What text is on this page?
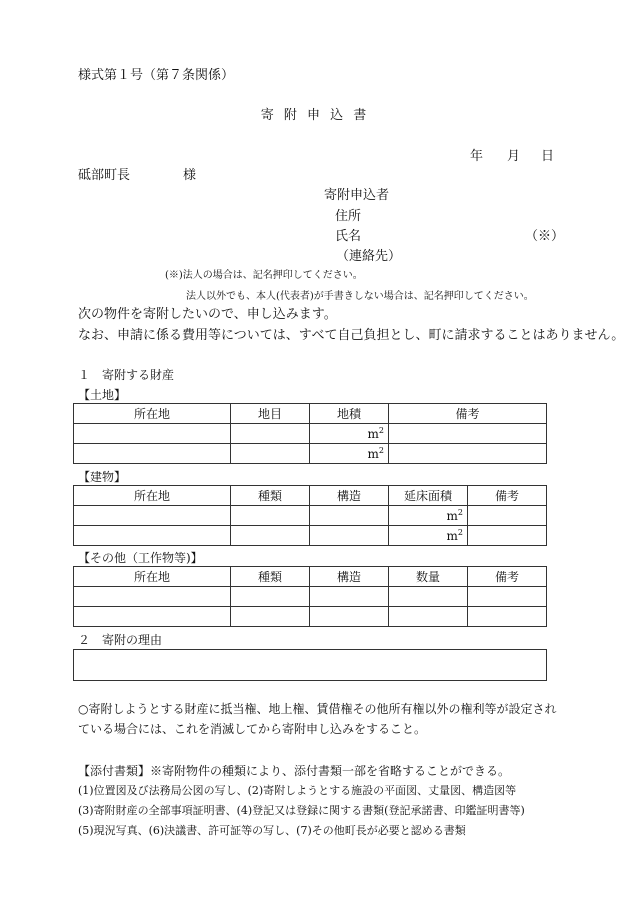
様式第１号（第７条関係）
寄 附 申 込 書
年 月 日
砥部町長	様
寄附申込者
住所
氏名	（※）
（連絡先）
(※)法人の場合は、記名押印してください。
法人以外でも、本人(代表者)が手書きしない場合は、記名押印してください。
次の物件を寄附したいので、申し込みます。
なお、申請に係る費用等については、すべて自己負担とし、町に請求することはありません。
１　寄附する財産
【土地】
所在地	地目	地積	備考
		$m^2$	
		$m^2$	
【建物】
所在地	種類	構造	延床面積	備考
			$m^2$	
			$m^2$	
【その他（工作物等)】
所在地	種類	構造	数量	備考

２　寄附の理由
○寄附しようとする財産に抵当権、地上権、賃借権その他所有権以外の権利等が設定され
ている場合には、これを消滅してから寄附申し込みをすること。
【添付書類】※寄附物件の種類により、添付書類一部を省略することができる。
(1)位置図及び法務局公図の写し、(2)寄附しようとする施設の平面図、丈量図、構造図等
(3)寄附財産の全部事項証明書、(4)登記又は登録に関する書類(登記承諾書、印鑑証明書等)
(5)現況写真、(6)決議書、許可証等の写し、(7)その他町長が必要と認める書類
